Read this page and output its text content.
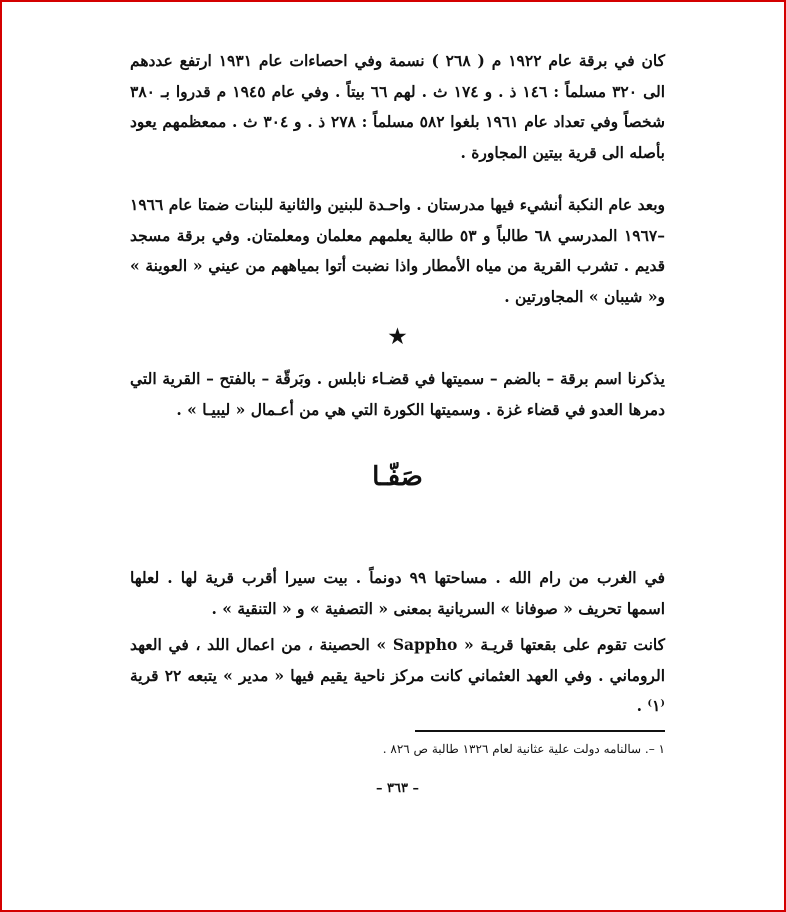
كان في برقة عام ١٩٢٢ م ( ٢٦٨ ) نسمة وفي احصاءات عام ١٩٣١ ارتفع عددهم الى ٣٢٠ مسلماً : ١٤٦ ذ . و ١٧٤ ث . لهم ٦٦ بيتاً . وفي عام ١٩٤٥ م قدروا بـ ٣٨٠ شخصاً وفي تعداد عام ١٩٦١ بلغوا ٥٨٢ مسلماً : ٢٧٨ ذ . و ٣٠٤ ث . ممعظمهم يعود بأصله الى قرية بيتين المجاورة .

وبعد عام النكبة أنشيء فيها مدرستان . واحـدة للبنين والثانية للبنات ضمتا عام ١٩٦٦ –١٩٦٧ المدرسي ٦٨ طالباً و ٥٣ طالبة يعلمهم معلمان ومعلمتان. وفي برقة مسجد قديم . تشرب القرية من مياه الأمطار واذا نضبت أتوا بمياههم من عيني « العوينة » و« شيبان » المجاورتين .

★

يذكرنا اسم برقة – بالضم – سميتها في قضـاء نابلس . وبَرقّة – بالفتح – القرية التي دمرها العدو في قضاء غزة . وسميتها الكورة التي هي من أعـمال « ليبيـا » .

صَفّـا

في الغرب من رام الله . مساحتها ٩٩ دونماً . بيت سيرا أقرب قرية لها . لعلها اسمها تحريف « صوفانا » السريانية بمعنى « التصفية » و « التنقية » .

كانت تقوم على بقعتها قريـة « Sappho » الحصينة ، من اعمال اللد ، في العهد الروماني . وفي العهد العثماني كانت مركز ناحية يقيم فيها « مدير » يتبعه ٢٢ قرية ⁽١⁾ .

١ –. سالنامه دولت علية عثانية لعام ١٣٢٦ طالبة ص ٨٢٦ .

– ٣٦٣ –
